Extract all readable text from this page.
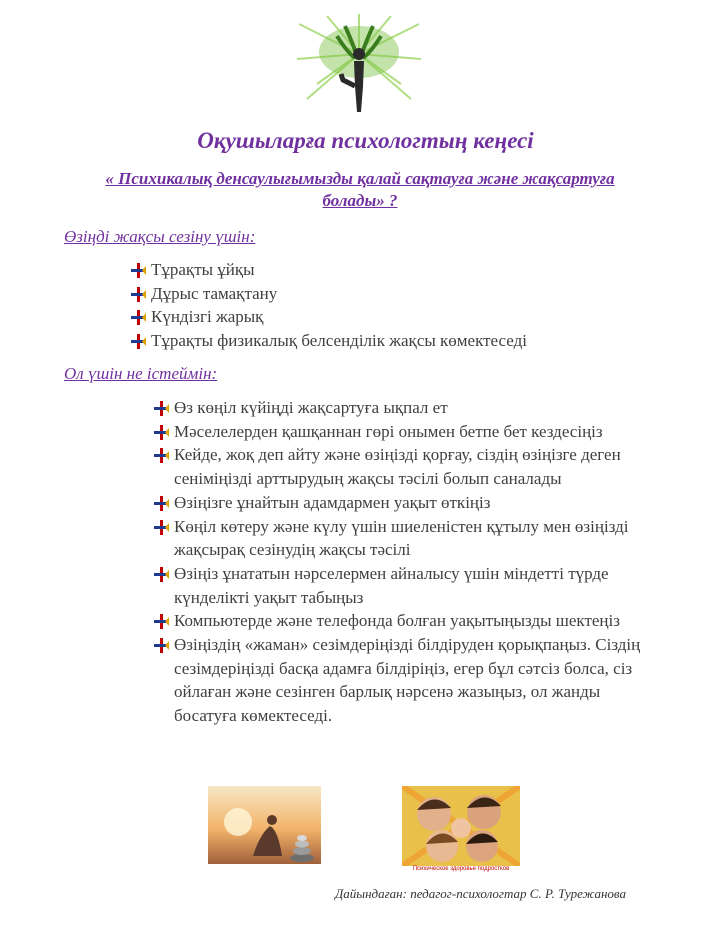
Оқушыларға психологтың кеңесі
« Психикалық денсаулығымызды қалай сақтауға және жақсартуға
болады» ?
Өзіңді жақсы сезіну үшін:
Тұрақты ұйқы
Дұрыс тамақтану
Күндізгі жарық
Тұрақты физикалық белсенділік жақсы көмектеседі
Ол үшін не істеймін:
Өз көңіл күйіңді жақсартуға ықпал ет
Мәселелерден қашқаннан гөрі онымен бетпе бет кездесіңіз
Кейде, жоқ деп айту және өзіңізді қорғау, сіздің өзіңізге деген сеніміңізді арттырудың жақсы тәсілі болып саналады
Өзіңізге ұнайтын адамдармен уақыт өткіңіз
Көңіл көтеру және күлу үшін шиеленістен құтылу мен өзіңізді жақсырақ сезінудің жақсы тәсілі
Өзіңіз ұнататын нәрселермен айналысу үшін міндетті түрде күнделікті уақыт табыңыз
Компьютерде және телефонда болған уақытыңызды шектеңіз
Өзіңіздің «жаман» сезімдеріңізді білдіруден қорықпаңыз. Сіздің сезімдеріңізді басқа адамға білдіріңіз, егер бұл сәтсіз болса, сіз ойлаған және сезінген барлық нәрсенә жазыңыз, ол жанды босатуға көмектеседі.
Психическое здоровье подростков
Дайындаған: педагог-психологтар С. Р. Турежанова
